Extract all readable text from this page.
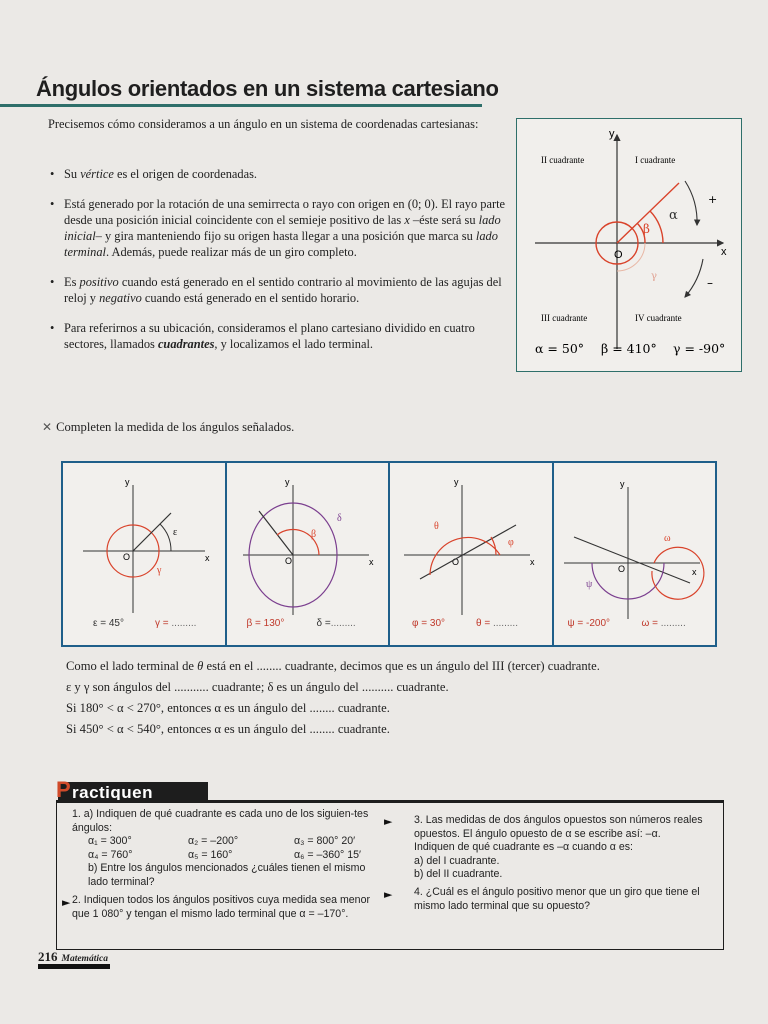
Ángulos orientados en un sistema cartesiano
Precisemos cómo consideramos a un ángulo en un sistema de coordenadas cartesianas:
• Su vértice es el origen de coordenadas.
• Está generado por la rotación de una semirrecta o rayo con origen en (0; 0). El rayo parte desde una posición inicial coincidente con el semieje positivo de las x –éste será su lado inicial– y gira manteniendo fijo su origen hasta llegar a una posición que marca su lado terminal. Además, puede realizar más de un giro completo.
• Es positivo cuando está generado en el sentido contrario al movimiento de las agujas del reloj y negativo cuando está generado en el sentido horario.
• Para referirnos a su ubicación, consideramos el plano cartesiano dividido en cuatro sectores, llamados cuadrantes, y localizamos el lado terminal.
y
x
II cuadrante	I cuadrante
III cuadrante	IV cuadrante
+
–
α
β
γ
O
α = 50° β = 410° γ = -90°
✕ Completen la medida de los ángulos señalados.
y
x
O
ε
γ
ε = 45°	γ = .........
y
x
O
β
δ
β = 130°	δ =.........
y
x
O
θ
φ
φ = 30°	θ = .........
y
x
O
ψ
ω
ψ = -200°	ω = .........
Como el lado terminal de θ está en el ........ cuadrante, decimos que es un ángulo del III (tercer) cuadrante.
ε y γ son ángulos del ........... cuadrante; δ es un ángulo del .......... cuadrante.
Si 180° < α < 270°, entonces α es un ángulo del ........ cuadrante.
Si 450° < α < 540°, entonces α es un ángulo del ........ cuadrante.
P ractiquen
1. a) Indiquen de qué cuadrante es cada uno de los siguien-tes ángulos:
α₁ = 300°	α₂ = –200°	α₃ = 800° 20′
α₄ = 760°	α₅ = 160°	α₆ = –360° 15′
b) Entre los ángulos mencionados ¿cuáles tienen el mismo lado terminal?
► 2. Indiquen todos los ángulos positivos cuya medida sea menor que 1 080° y tengan el mismo lado terminal que α = –170°.
► 3. Las medidas de dos ángulos opuestos son números reales opuestos. El ángulo opuesto de α se escribe así: –α.
Indiquen de qué cuadrante es –α cuando α es:
a) del I cuadrante.
b) del II cuadrante.
► 4. ¿Cuál es el ángulo positivo menor que un giro que tiene el mismo lado terminal que su opuesto?
216 Matemática
